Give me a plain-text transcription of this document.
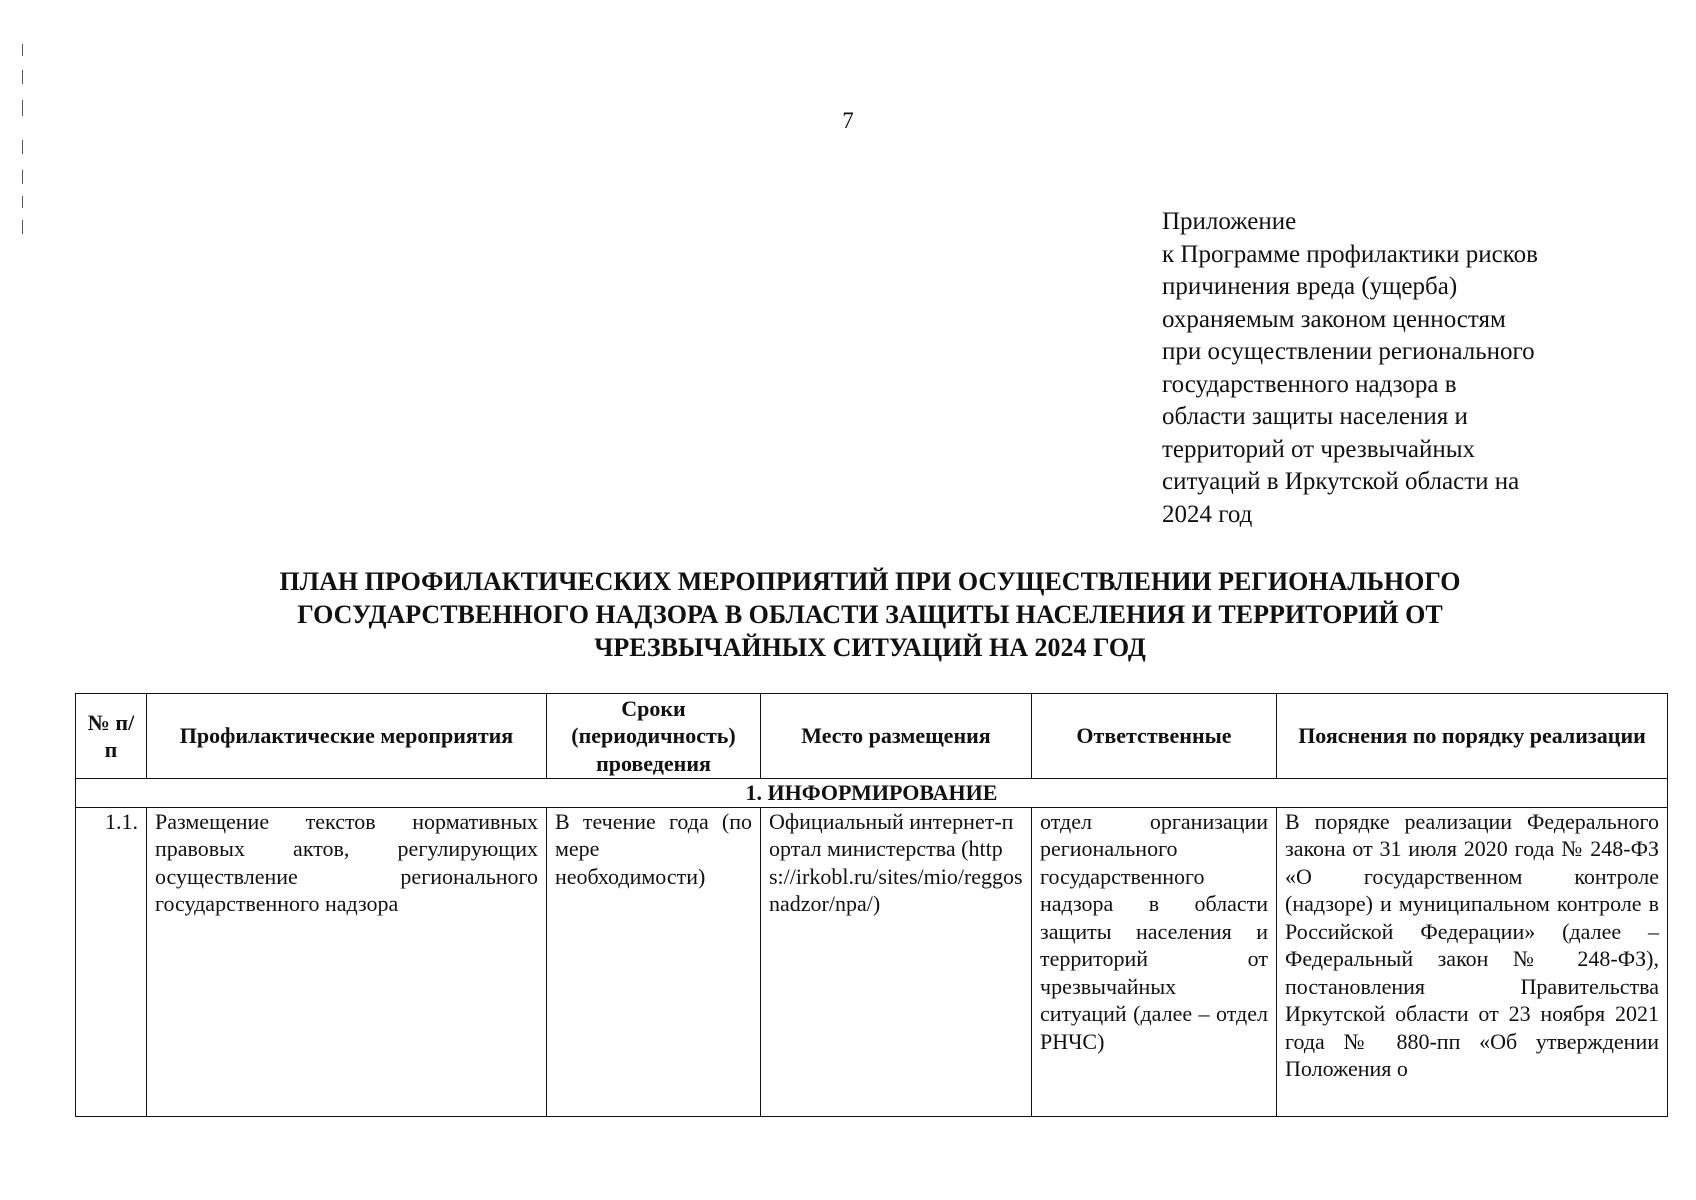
7
Приложение
к Программе профилактики рисков
причинения вреда (ущерба)
охраняемым законом ценностям
при осуществлении регионального
государственного надзора в
области защиты населения и
территорий от чрезвычайных
ситуаций в Иркутской области на
2024 год
ПЛАН ПРОФИЛАКТИЧЕСКИХ МЕРОПРИЯТИЙ ПРИ ОСУЩЕСТВЛЕНИИ РЕГИОНАЛЬНОГО
ГОСУДАРСТВЕННОГО НАДЗОРА В ОБЛАСТИ ЗАЩИТЫ НАСЕЛЕНИЯ И ТЕРРИТОРИЙ ОТ
ЧРЕЗВЫЧАЙНЫХ СИТУАЦИЙ НА 2024 ГОД
№ п/п	Профилактические мероприятия	Сроки (периодичность) проведения	Место размещения	Ответственные	Пояснения по порядку реализации
1. ИНФОРМИРОВАНИЕ					
1.1.	Размещение текстов нормативных правовых актов, регулирующих осуществление регионального государственного надзора	В течение года (по мере необходимости)	Официальный интернет-портал министерства (https://irkobl.ru/sites/mio/reggosnadzor/npa/)	отдел организации регионального государственного надзора в области защиты населения и территорий от чрезвычайных ситуаций (далее – отдел РНЧС)	В порядке реализации Федерального закона от 31 июля 2020 года № 248-ФЗ «О государственном контроле (надзоре) и муниципальном контроле в Российской Федерации» (далее – Федеральный закон № 248-ФЗ), постановления Правительства Иркутской области от 23 ноября 2021 года № 880-пп «Об утверждении Положения о
